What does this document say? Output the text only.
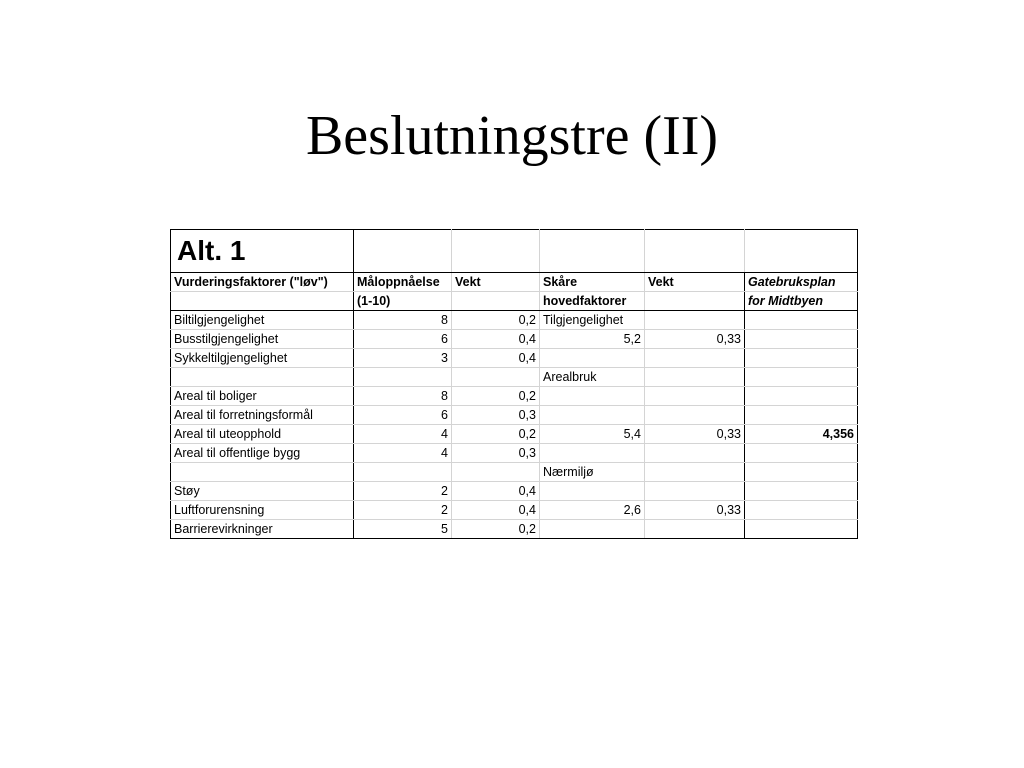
Beslutningstre (II)
Alt. 1					
Vurderingsfaktorer ("løv")	Måloppnåelse	Vekt	Skåre	Vekt	Gatebruksplan
	(1-10)		hovedfaktorer		for Midtbyen
Biltilgjengelighet	8	0,2	Tilgjengelighet		
Busstilgjengelighet	6	0,4	5,2	0,33	
Sykkeltilgjengelighet	3	0,4			
			Arealbruk		
Areal til boliger	8	0,2			
Areal til forretningsformål	6	0,3			
Areal til uteopphold	4	0,2	5,4	0,33	4,356
Areal til offentlige bygg	4	0,3			
			Nærmiljø		
Støy	2	0,4			
Luftforurensning	2	0,4	2,6	0,33	
Barrierevirkninger	5	0,2			
